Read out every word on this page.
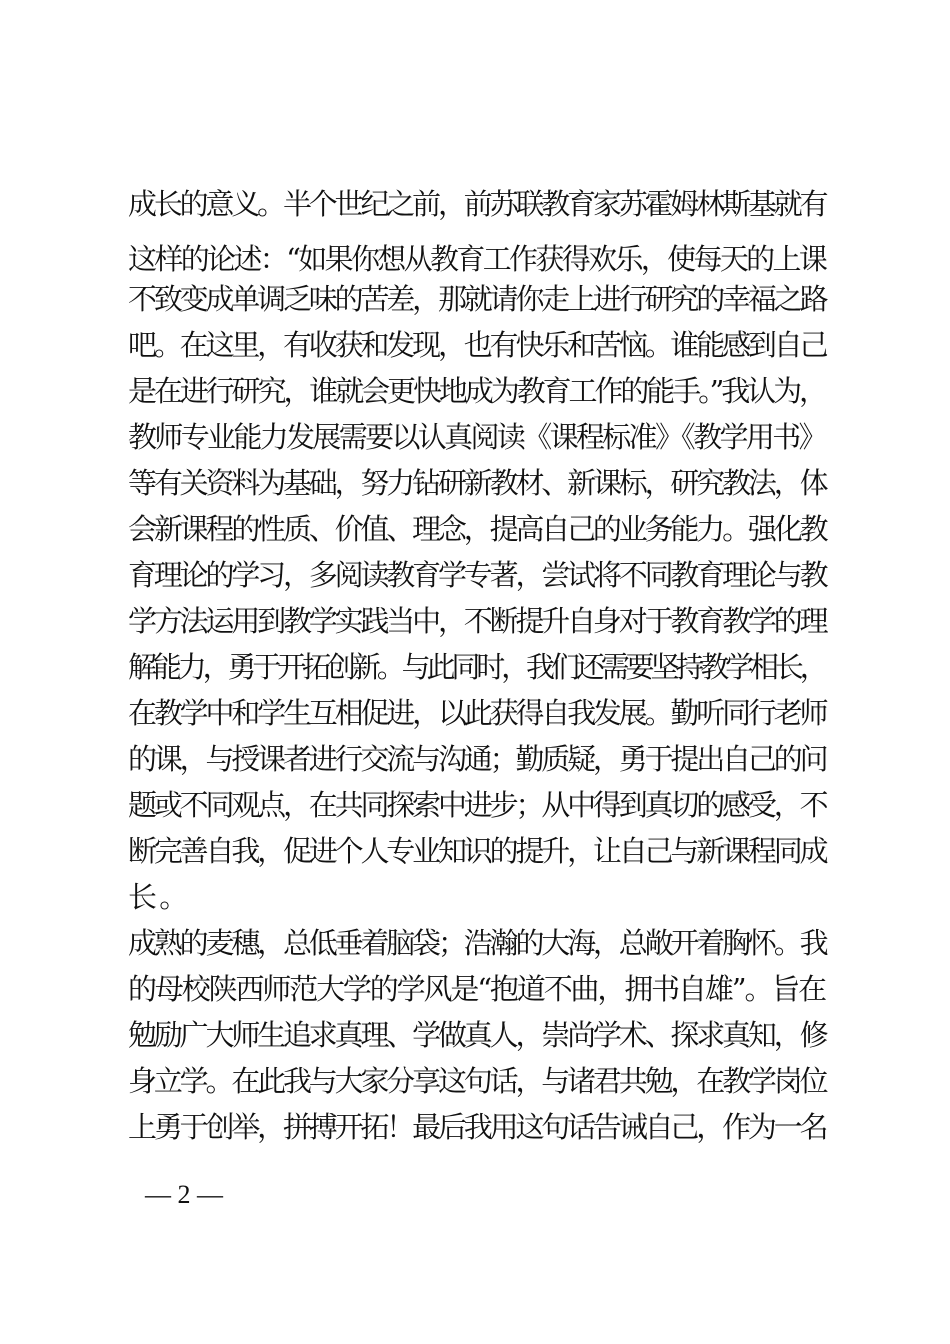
成长的意义。半个世纪之前，前苏联教育家苏霍姆林斯基就有
这样的论述：“如果你想从教育工作获得欢乐，使每天的上课
不致变成单调乏味的苦差，那就请你走上进行研究的幸福之路
吧。在这里，有收获和发现，也有快乐和苦恼。谁能感到自己
是在进行研究，谁就会更快地成为教育工作的能手。”我认为，
教师专业能力发展需要以认真阅读《课程标准》《教学用书》
等有关资料为基础，努力钻研新教材、新课标，研究教法，体
会新课程的性质、价值、理念，提高自己的业务能力。强化教
育理论的学习，多阅读教育学专著，尝试将不同教育理论与教
学方法运用到教学实践当中，不断提升自身对于教育教学的理
解能力，勇于开拓创新。与此同时，我们还需要坚持教学相长，
在教学中和学生互相促进，以此获得自我发展。勤听同行老师
的课，与授课者进行交流与沟通；勤质疑，勇于提出自己的问
题或不同观点，在共同探索中进步；从中得到真切的感受，不
断完善自我，促进个人专业知识的提升，让自己与新课程同成
长。
成熟的麦穗，总低垂着脑袋；浩瀚的大海，总敞开着胸怀。我
的母校陕西师范大学的学风是“抱道不曲，拥书自雄”。旨在
勉励广大师生追求真理、学做真人，崇尚学术、探求真知，修
身立学。在此我与大家分享这句话，与诸君共勉，在教学岗位
上勇于创举，拼搏开拓！最后我用这句话告诫自己，作为一名
— 2 —
